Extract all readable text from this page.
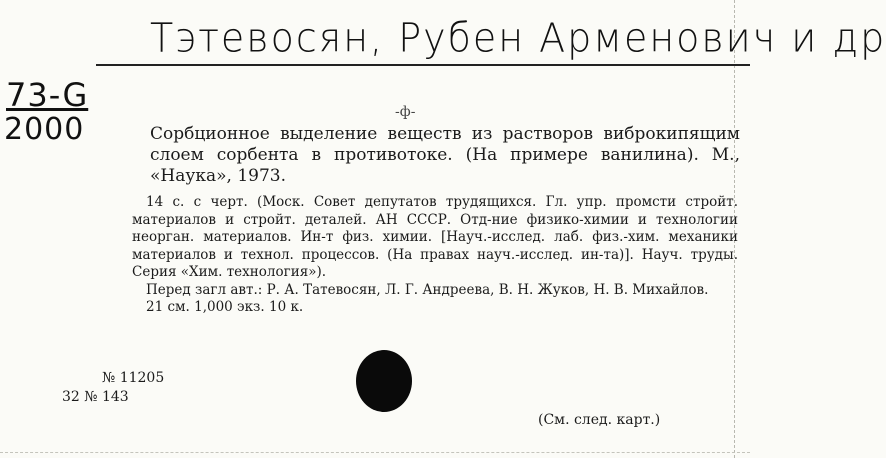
Тэтевосян, Рубен Арменович и др
73-G
2000	-ф-
Сорбционное выделение веществ из растворов виброкипящим слоем сорбента в противотоке. (На примере ванилина). М., «Наука», 1973.

14 с. с черт. (Моск. Совет депутатов трудящихся. Гл. упр. промсти стройт. материалов и стройт. деталей. АН СССР. Отд-ние физико-химии и технологии неорган. материалов. Ин-т физ. химии. [Науч.-исслед. лаб. физ.-хим. механики материалов и технол. процессов. (На правах науч.-исслед. ин-та)]. Науч. труды. Серия «Хим. технология»).

Перед загл авт.: Р. А. Татевосян, Л. Г. Андреева, В. Н. Жуков, Н. В. Михайлов.

21 см. 1,000 экз. 10 к.

№ 11205
32 № 143
(См. след. карт.)
